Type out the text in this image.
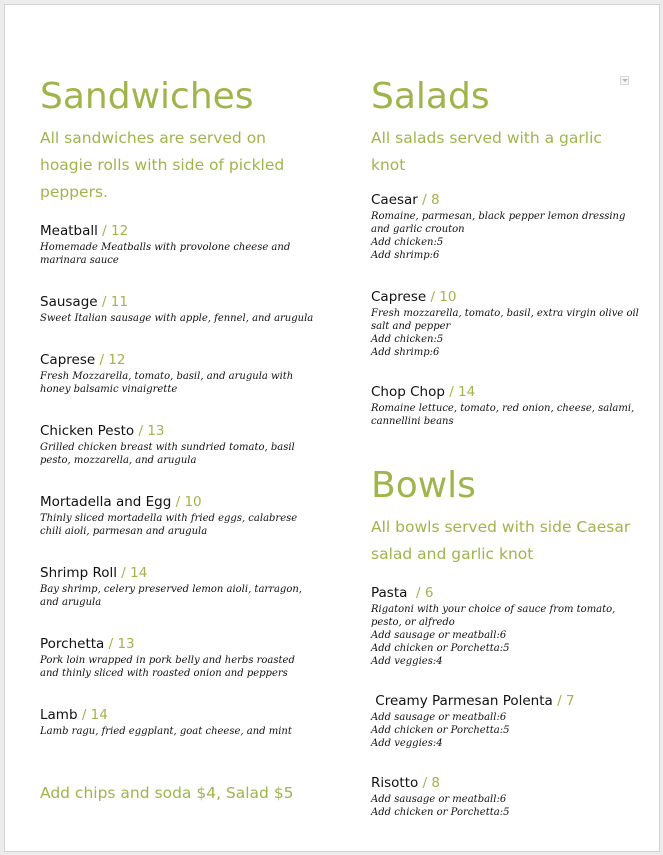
Sandwiches
All sandwiches are served on
hoagie rolls with side of pickled
peppers.
Meatball / 12
Homemade Meatballs with provolone cheese and
marinara sauce
Sausage / 11
Sweet Italian sausage with apple, fennel, and arugula
Caprese / 12
Fresh Mozzarella, tomato, basil, and arugula with
honey balsamic vinaigrette
Chicken Pesto / 13
Grilled chicken breast with sundried tomato, basil
pesto, mozzarella, and arugula
Mortadella and Egg / 10
Thinly sliced mortadella with fried eggs, calabrese
chili aioli, parmesan and arugula
Shrimp Roll / 14
Bay shrimp, celery preserved lemon aioli, tarragon,
and arugula
Porchetta / 13
Pork loin wrapped in pork belly and herbs roasted
and thinly sliced with roasted onion and peppers
Lamb / 14
Lamb ragu, fried eggplant, goat cheese, and mint
Add chips and soda $4, Salad $5
Salads
All salads served with a garlic
knot
Caesar / 8
Romaine, parmesan, black pepper lemon dressing
and garlic crouton
Add chicken:5
Add shrimp:6
Caprese / 10
Fresh mozzarella, tomato, basil, extra virgin olive oil
salt and pepper
Add chicken:5
Add shrimp:6
Chop Chop / 14
Romaine lettuce, tomato, red onion, cheese, salami,
cannellini beans
Bowls
All bowls served with side Caesar
salad and garlic knot
Pasta  / 6
Rigatoni with your choice of sauce from tomato,
pesto, or alfredo
Add sausage or meatball:6
Add chicken or Porchetta:5
Add veggies:4
Creamy Parmesan Polenta / 7
Add sausage or meatball:6
Add chicken or Porchetta:5
Add veggies:4
Risotto / 8
Add sausage or meatball:6
Add chicken or Porchetta:5
